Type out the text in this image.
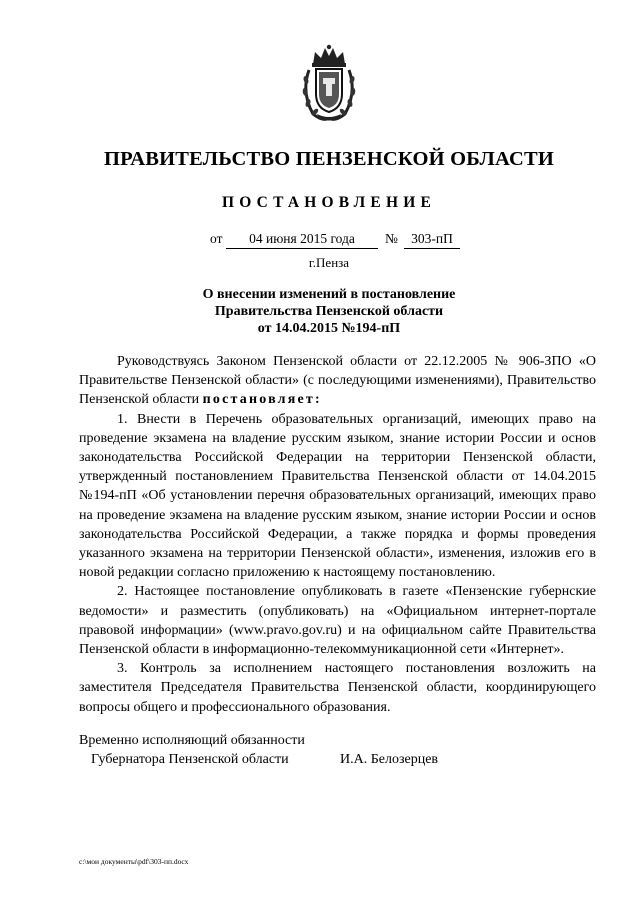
ПРАВИТЕЛЬСТВО ПЕНЗЕНСКОЙ ОБЛАСТИ
ПОСТАНОВЛЕНИЕ
от	04 июня 2015 года	№ 303-пП
г.Пенза
О внесении изменений в постановление
Правительства Пензенской области
от 14.04.2015 №194-пП

Руководствуясь Законом Пензенской области от 22.12.2005 № 906-ЗПО «О Правительстве Пензенской области» (с последующими изменениями), Правительство Пензенской области постановляет:

1. Внести в Перечень образовательных организаций, имеющих право на проведение экзамена на владение русским языком, знание истории России и основ законодательства Российской Федерации на территории Пензенской области, утвержденный постановлением Правительства Пензенской области от 14.04.2015 №194-пП «Об установлении перечня образовательных организаций, имеющих право на проведение экзамена на владение русским языком, знание истории России и основ законодательства Российской Федерации, а также порядка и формы проведения указанного экзамена на территории Пензенской области», изменения, изложив его в новой редакции согласно приложению к настоящему постановлению.

2. Настоящее постановление опубликовать в газете «Пензенские губернские ведомости» и разместить (опубликовать) на «Официальном интернет-портале правовой информации» (www.pravo.gov.ru) и на официальном сайте Правительства Пензенской области в информационно-телекоммуникационной сети «Интернет».

3. Контроль за исполнением настоящего постановления возложить на заместителя Председателя Правительства Пензенской области, координирующего вопросы общего и профессионального образования.

Временно исполняющий обязанности
Губернатора Пензенской области	И.А. Белозерцев
c:\мои документы\pdf\303-пп.docx
